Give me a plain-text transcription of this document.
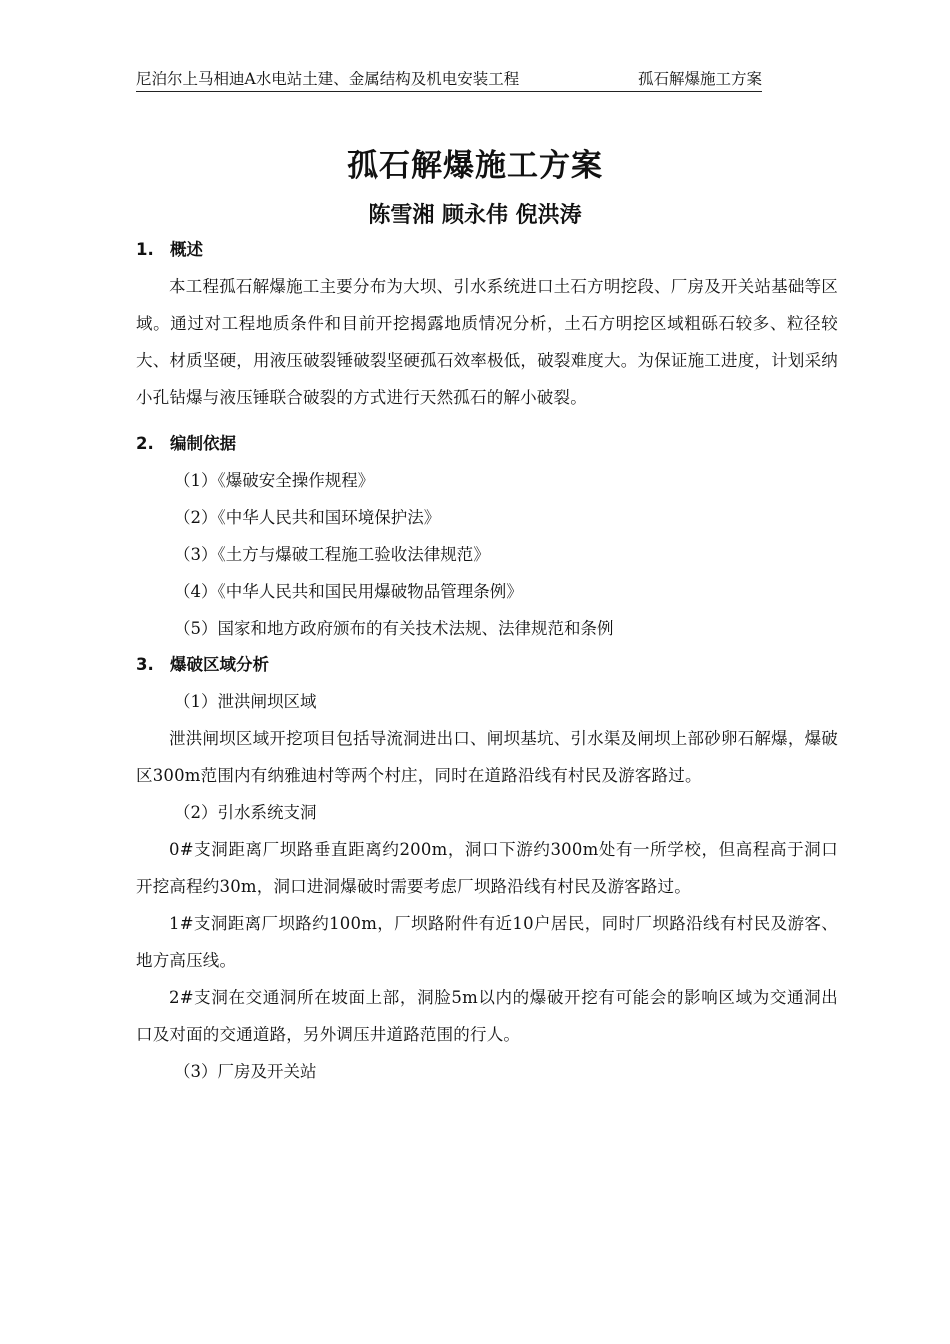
尼泊尔上马相迪A水电站土建、金属结构及机电安装工程	孤石解爆施工方案
孤石解爆施工方案
陈雪湘 顾永伟 倪洪涛

1. 概述

本工程孤石解爆施工主要分布为大坝、引水系统进口土石方明挖段、厂房及开关站基础等区域。通过对工程地质条件和目前开挖揭露地质情况分析，土石方明挖区域粗砾石较多、粒径较大、材质坚硬，用液压破裂锤破裂坚硬孤石效率极低，破裂难度大。为保证施工进度，计划采纳小孔钻爆与液压锤联合破裂的方式进行天然孤石的解小破裂。

2. 编制依据

（1）《爆破安全操作规程》

（2）《中华人民共和国环境保护法》

（3）《土方与爆破工程施工验收法律规范》

（4）《中华人民共和国民用爆破物品管理条例》

（5）国家和地方政府颁布的有关技术法规、法律规范和条例

3. 爆破区域分析

（1）泄洪闸坝区域

泄洪闸坝区域开挖项目包括导流洞进出口、闸坝基坑、引水渠及闸坝上部砂卵石解爆，爆破区300m范围内有纳雅迪村等两个村庄，同时在道路沿线有村民及游客路过。

（2）引水系统支洞

0#支洞距离厂坝路垂直距离约200m，洞口下游约300m处有一所学校，但高程高于洞口开挖高程约30m，洞口进洞爆破时需要考虑厂坝路沿线有村民及游客路过。

1#支洞距离厂坝路约100m，厂坝路附件有近10户居民，同时厂坝路沿线有村民及游客、地方高压线。

2#支洞在交通洞所在坡面上部，洞脸5m以内的爆破开挖有可能会的影响区域为交通洞出口及对面的交通道路，另外调压井道路范围的行人。

（3）厂房及开关站
